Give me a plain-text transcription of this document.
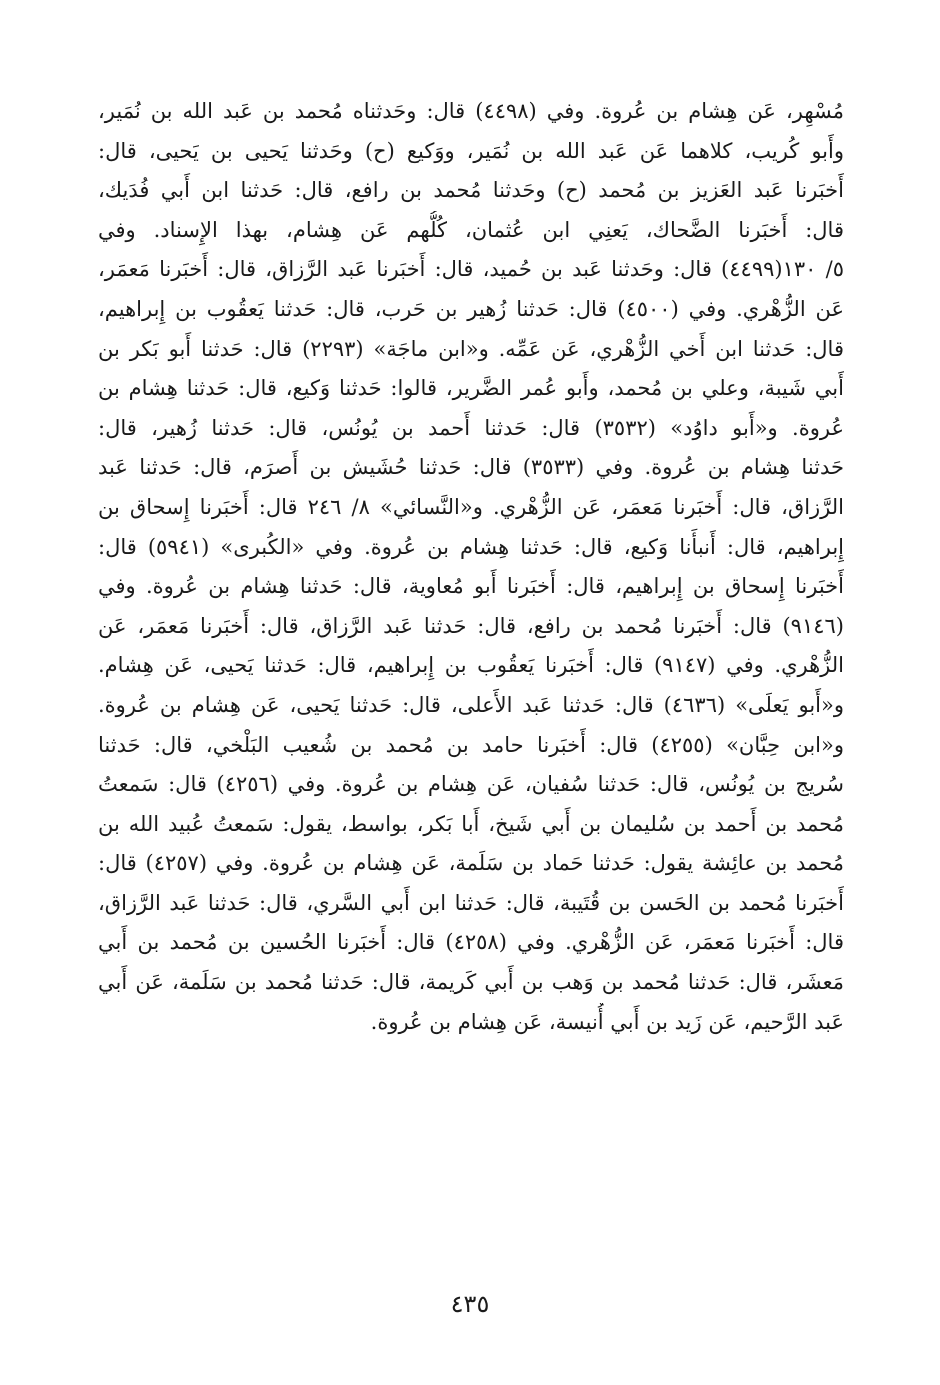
مُسْهِر، عَن هِشام بن عُروة. وفي (٤٤٩٨) قال: وحَدثناه مُحمد بن عَبد الله بن نُمَير،
وأَبو كُريب، كلاهما عَن عَبد الله بن نُمَير، ووَكيع (ح) وحَدثنا يَحيى بن يَحيى، قال:
أَخبَرنا عَبد العَزيز بن مُحمد (ح) وحَدثنا مُحمد بن رافع، قال: حَدثنا ابن أَبي فُدَيك،
قال: أَخبَرنا الضَّحاك، يَعنِي ابن عُثمان، كُلُّهم عَن هِشام، بهذا الإِسناد. وفي
٥/ ١٣٠(٤٤٩٩) قال: وحَدثنا عَبد بن حُميد، قال: أَخبَرنا عَبد الرَّزاق، قال: أَخبَرنا مَعمَر،
عَن الزُّهْري. وفي (٤٥٠٠) قال: حَدثنا زُهير بن حَرب، قال: حَدثنا يَعقُوب بن إِبراهيم،
قال: حَدثنا ابن أَخي الزُّهْري، عَن عَمِّه. و«ابن ماجَة» (٢٢٩٣) قال: حَدثنا أَبو بَكر بن
أَبي شَيبة، وعلي بن مُحمد، وأَبو عُمر الضَّرير، قالوا: حَدثنا وَكيع، قال: حَدثنا هِشام بن
عُروة. و«أَبو داوُد» (٣٥٣٢) قال: حَدثنا أَحمد بن يُونُس، قال: حَدثنا زُهير، قال:
حَدثنا هِشام بن عُروة. وفي (٣٥٣٣) قال: حَدثنا حُشَيش بن أَصرَم، قال: حَدثنا عَبد
الرَّزاق، قال: أَخبَرنا مَعمَر، عَن الزُّهْري. و«النَّسائي» ٨/ ٢٤٦ قال: أَخبَرنا إِسحاق بن
إِبراهيم، قال: أَنبأَنا وَكيع، قال: حَدثنا هِشام بن عُروة. وفي «الكُبرى» (٥٩٤١) قال:
أَخبَرنا إِسحاق بن إِبراهيم، قال: أَخبَرنا أَبو مُعاوية، قال: حَدثنا هِشام بن عُروة. وفي
(٩١٤٦) قال: أَخبَرنا مُحمد بن رافع، قال: حَدثنا عَبد الرَّزاق، قال: أَخبَرنا مَعمَر، عَن
الزُّهْري. وفي (٩١٤٧) قال: أَخبَرنا يَعقُوب بن إِبراهيم، قال: حَدثنا يَحيى، عَن هِشام.
و«أَبو يَعلَى» (٤٦٣٦) قال: حَدثنا عَبد الأَعلى، قال: حَدثنا يَحيى، عَن هِشام بن عُروة.
و«ابن حِبَّان» (٤٢٥٥) قال: أَخبَرنا حامد بن مُحمد بن شُعيب البَلْخي، قال: حَدثنا
سُريج بن يُونُس، قال: حَدثنا سُفيان، عَن هِشام بن عُروة. وفي (٤٢٥٦) قال: سَمعتُ
مُحمد بن أَحمد بن سُليمان بن أَبي شَيخ، أَبا بَكر، بواسط، يقول: سَمعتُ عُبيد الله بن
مُحمد بن عائِشة يقول: حَدثنا حَماد بن سَلَمة، عَن هِشام بن عُروة. وفي (٤٢٥٧) قال:
أَخبَرنا مُحمد بن الحَسن بن قُتَيبة، قال: حَدثنا ابن أَبي السَّري، قال: حَدثنا عَبد الرَّزاق،
قال: أَخبَرنا مَعمَر، عَن الزُّهْري. وفي (٤٢٥٨) قال: أَخبَرنا الحُسين بن مُحمد بن أَبي
مَعشَر، قال: حَدثنا مُحمد بن وَهب بن أَبي كَريمة، قال: حَدثنا مُحمد بن سَلَمة، عَن أَبي
عَبد الرَّحيم، عَن زَيد بن أَبي أُنيسة، عَن هِشام بن عُروة.
٤٣٥
